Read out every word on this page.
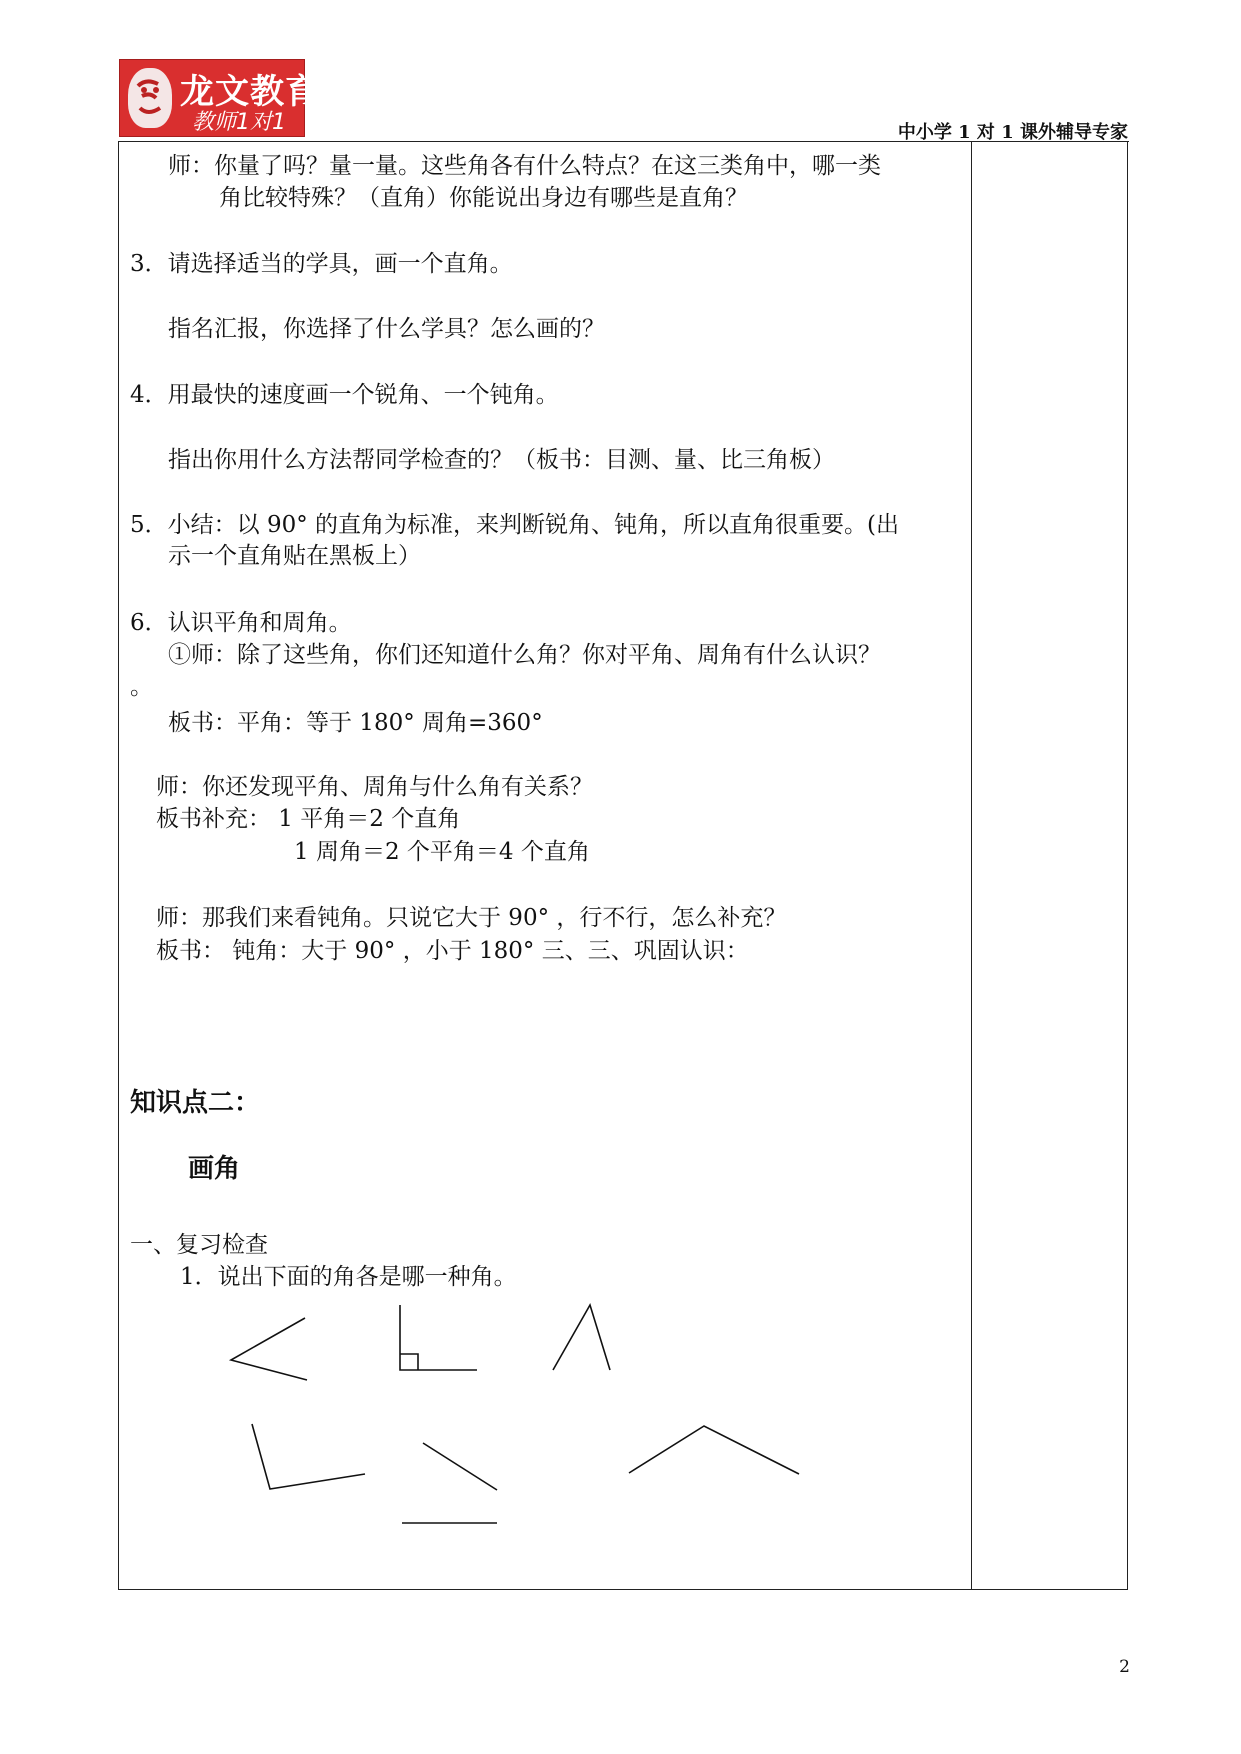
龙文教育
教师1对1	中小学 1 对 1 课外辅导专家
师：你量了吗？量一量。这些角各有什么特点？在这三类角中，哪一类
角比较特殊？（直角）你能说出身边有哪些是直角？
3．请选择适当的学具，画一个直角。
指名汇报，你选择了什么学具？怎么画的？
4．用最快的速度画一个锐角、一个钝角。
指出你用什么方法帮同学检查的？（板书：目测、量、比三角板）
5．小结：以 90° 的直角为标准，来判断锐角、钝角，所以直角很重要。(出
示一个直角贴在黑板上）
6．认识平角和周角。
①师：除了这些角，你们还知道什么角？你对平角、周角有什么认识？
。
板书：平角：等于 180° 周角=360°
师：你还发现平角、周角与什么角有关系？
板书补充： 1 平角＝2 个直角
1 周角＝2 个平角＝4 个直角
师：那我们来看钝角。只说它大于 90° ，行不行，怎么补充？
板书： 钝角：大于 90° ，小于 180° 三、三、巩固认识：
知识点二：
画角
一、复习检查
1．说出下面的角各是哪一种角。
2
